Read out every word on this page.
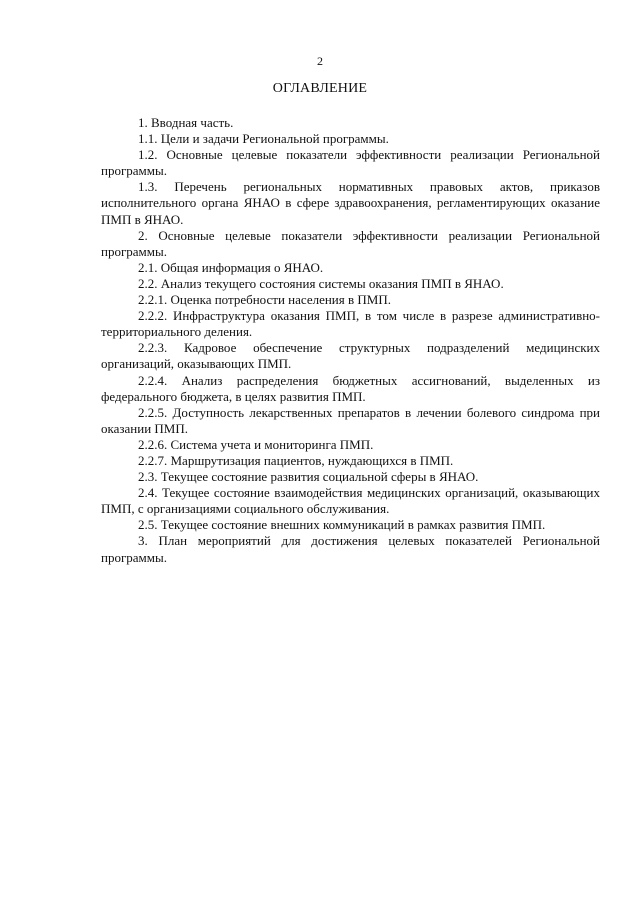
2
ОГЛАВЛЕНИЕ

1. Вводная часть.

1.1. Цели и задачи Региональной программы.

1.2. Основные целевые показатели эффективности реализации Региональной программы.

1.3. Перечень региональных нормативных правовых актов, приказов исполнительного органа ЯНАО в сфере здравоохранения, регламентирующих оказание ПМП в ЯНАО.

2. Основные целевые показатели эффективности реализации Региональной программы.

2.1. Общая информация о ЯНАО.

2.2. Анализ текущего состояния системы оказания ПМП в ЯНАО.

2.2.1. Оценка потребности населения в ПМП.

2.2.2. Инфраструктура оказания ПМП, в том числе в разрезе административно-территориального деления.

2.2.3. Кадровое обеспечение структурных подразделений медицинских организаций, оказывающих ПМП.

2.2.4. Анализ распределения бюджетных ассигнований, выделенных из федерального бюджета, в целях развития ПМП.

2.2.5. Доступность лекарственных препаратов в лечении болевого синдрома при оказании ПМП.

2.2.6. Система учета и мониторинга ПМП.

2.2.7. Маршрутизация пациентов, нуждающихся в ПМП.

2.3. Текущее состояние развития социальной сферы в ЯНАО.

2.4. Текущее состояние взаимодействия медицинских организаций, оказывающих ПМП, с организациями социального обслуживания.

2.5. Текущее состояние внешних коммуникаций в рамках развития ПМП.

3. План мероприятий для достижения целевых показателей Региональной программы.
